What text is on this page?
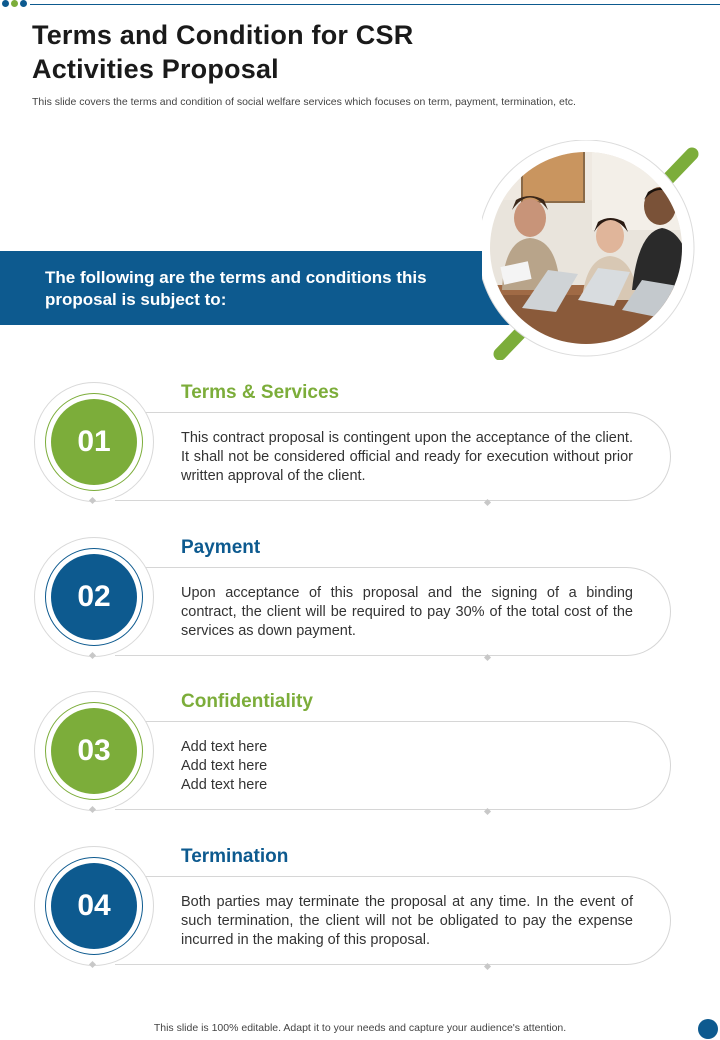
Terms and Condition for CSR Activities Proposal

This slide covers the terms and condition of social welfare services which focuses on term, payment, termination, etc.

The following are the terms and conditions this proposal is subject to:
01
Terms & Services
This contract proposal is contingent upon the acceptance of the client. It shall not be considered official and ready for execution without prior written approval of the client.
02
Payment
Upon acceptance of this proposal and the signing of a binding contract, the client will be required to pay 30% of the total cost of the services as down payment.
03
Confidentiality
Add text here
Add text here
Add text here
04
Termination
Both parties may terminate the proposal at any time. In the event of such termination, the client will not be obligated to pay the expense incurred in the making of this proposal.
This slide is 100% editable. Adapt it to your needs and capture your audience's attention.
